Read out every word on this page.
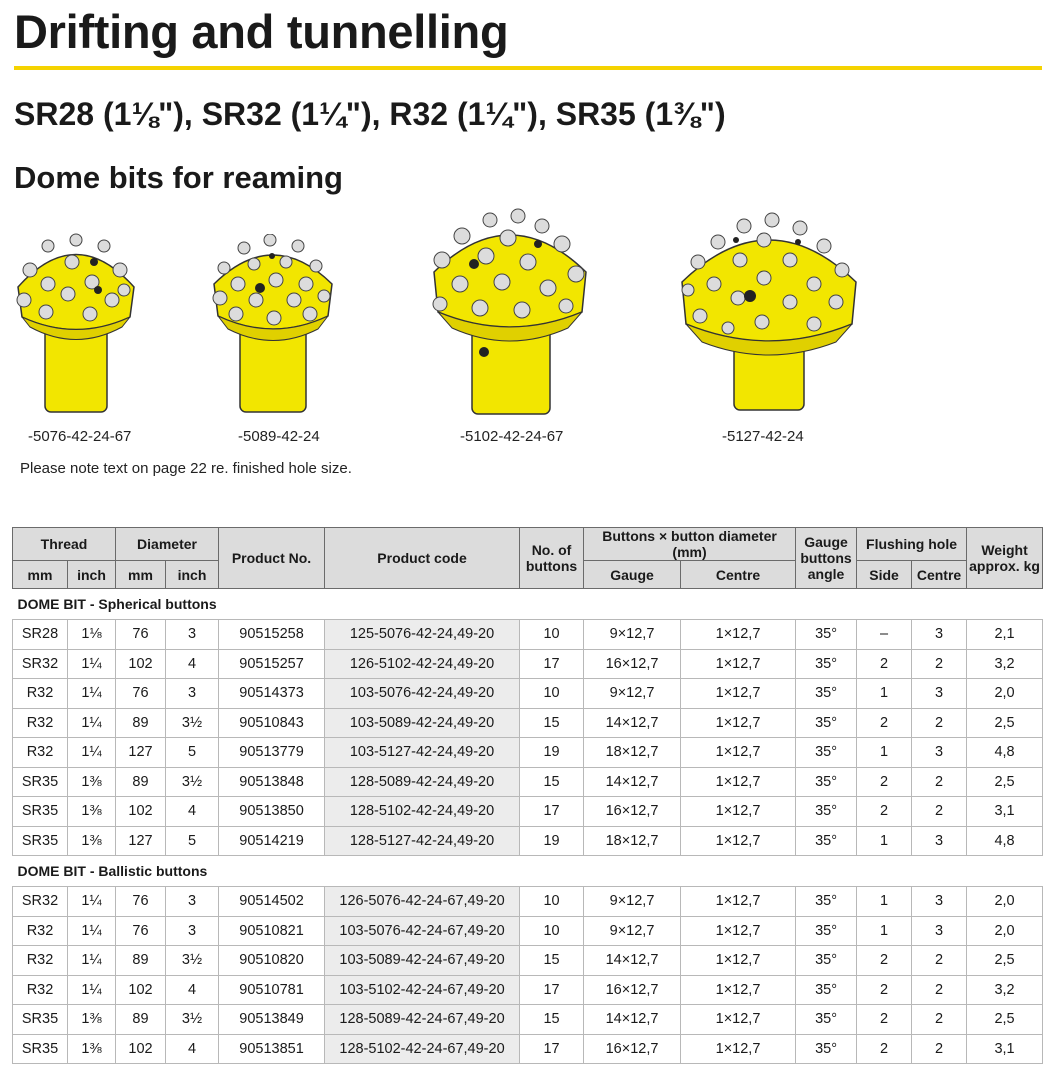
Drifting and tunnelling
SR28 (1⅛"), SR32 (1¼"), R32 (1¼"), SR35 (1⅜")
Dome bits for reaming
-5076-42-24-67	-5089-42-24	-5102-42-24-67	-5127-42-24
Please note text on page 22 re. finished hole size.
Thread		Diameter		Product No.	Product code	No. of buttons	Buttons × button diameter (mm)		Gauge buttons angle	Flushing hole		Weight approx. kg
mm	inch	mm	inch				Gauge	Centre		Side	Centre	
DOME BIT - Spherical buttons												
SR28	1⅛	76	3	90515258	125-5076-42-24,49-20	10	9×12,7	1×12,7	35°	–	3	2,1
SR32	1¼	102	4	90515257	126-5102-42-24,49-20	17	16×12,7	1×12,7	35°	2	2	3,2
R32	1¼	76	3	90514373	103-5076-42-24,49-20	10	9×12,7	1×12,7	35°	1	3	2,0
R32	1¼	89	3½	90510843	103-5089-42-24,49-20	15	14×12,7	1×12,7	35°	2	2	2,5
R32	1¼	127	5	90513779	103-5127-42-24,49-20	19	18×12,7	1×12,7	35°	1	3	4,8
SR35	1⅜	89	3½	90513848	128-5089-42-24,49-20	15	14×12,7	1×12,7	35°	2	2	2,5
SR35	1⅜	102	4	90513850	128-5102-42-24,49-20	17	16×12,7	1×12,7	35°	2	2	3,1
SR35	1⅜	127	5	90514219	128-5127-42-24,49-20	19	18×12,7	1×12,7	35°	1	3	4,8
DOME BIT - Ballistic buttons												
SR32	1¼	76	3	90514502	126-5076-42-24-67,49-20	10	9×12,7	1×12,7	35°	1	3	2,0
R32	1¼	76	3	90510821	103-5076-42-24-67,49-20	10	9×12,7	1×12,7	35°	1	3	2,0
R32	1¼	89	3½	90510820	103-5089-42-24-67,49-20	15	14×12,7	1×12,7	35°	2	2	2,5
R32	1¼	102	4	90510781	103-5102-42-24-67,49-20	17	16×12,7	1×12,7	35°	2	2	3,2
SR35	1⅜	89	3½	90513849	128-5089-42-24-67,49-20	15	14×12,7	1×12,7	35°	2	2	2,5
SR35	1⅜	102	4	90513851	128-5102-42-24-67,49-20	17	16×12,7	1×12,7	35°	2	2	3,1
